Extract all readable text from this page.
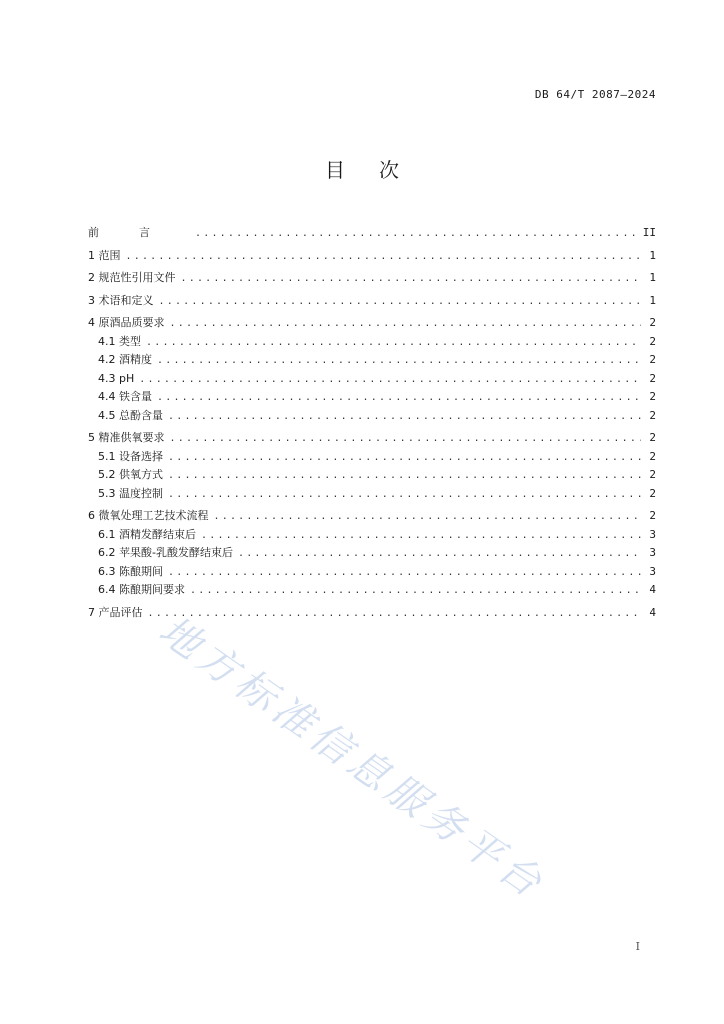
DB 64/T 2087—2024
目次
前言 .....	II
1 范围 .....	1
2 规范性引用文件 .....	1
3 术语和定义 .....	1
4 原酒品质要求 .....	2
4.1 类型 .....	2
4.2 酒精度 .....	2
4.3 pH .....	2
4.4 铁含量 .....	2
4.5 总酚含量 .....	2
5 精准供氧要求 .....	2
5.1 设备选择 .....	2
5.2 供氧方式 .....	2
5.3 温度控制 .....	2
6 微氧处理工艺技术流程 .....	2
6.1 酒精发酵结束后 .....	3
6.2 苹果酸-乳酸发酵结束后 .....	3
6.3 陈酿期间 .....	3
6.4 陈酿期间要求 .....	4
7 产品评估 .....	4
地方标准信息服务平台
I
